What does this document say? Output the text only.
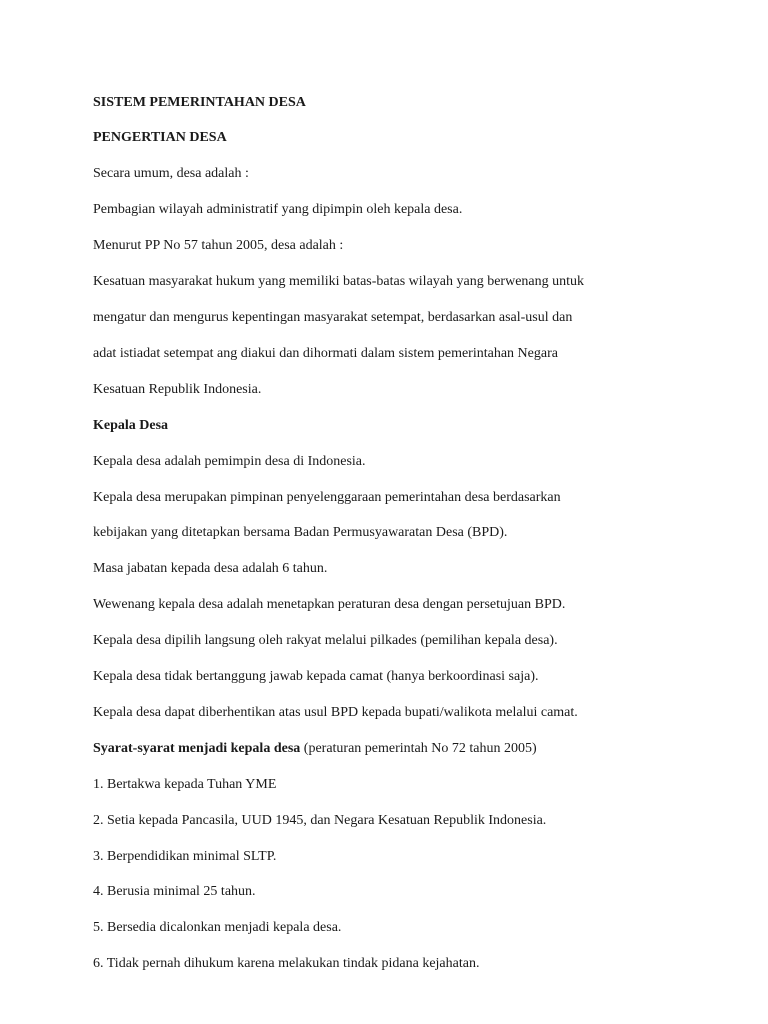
SISTEM PEMERINTAHAN DESA
PENGERTIAN DESA
Secara umum, desa adalah :
Pembagian wilayah administratif yang dipimpin oleh kepala desa.
Menurut PP No 57 tahun 2005, desa adalah :
Kesatuan masyarakat hukum yang memiliki batas-batas wilayah yang berwenang untuk
mengatur dan mengurus kepentingan masyarakat setempat, berdasarkan asal-usul dan
adat istiadat setempat ang diakui dan dihormati dalam sistem pemerintahan Negara
Kesatuan Republik Indonesia.
Kepala Desa
Kepala desa adalah pemimpin desa di Indonesia.
Kepala desa merupakan pimpinan penyelenggaraan pemerintahan desa berdasarkan
kebijakan yang ditetapkan bersama Badan Permusyawaratan Desa (BPD).
Masa jabatan kepada desa adalah 6 tahun.
Wewenang kepala desa adalah menetapkan peraturan desa dengan persetujuan BPD.
Kepala desa dipilih langsung oleh rakyat melalui pilkades (pemilihan kepala desa).
Kepala desa tidak bertanggung jawab kepada camat (hanya berkoordinasi saja).
Kepala desa dapat diberhentikan atas usul BPD kepada bupati/walikota melalui camat.
Syarat-syarat menjadi kepala desa (peraturan pemerintah No 72 tahun 2005)
1. Bertakwa kepada Tuhan YME
2. Setia kepada Pancasila, UUD 1945, dan Negara Kesatuan Republik Indonesia.
3. Berpendidikan minimal SLTP.
4. Berusia minimal 25 tahun.
5. Bersedia dicalonkan menjadi kepala desa.
6. Tidak pernah dihukum karena melakukan tindak pidana kejahatan.
